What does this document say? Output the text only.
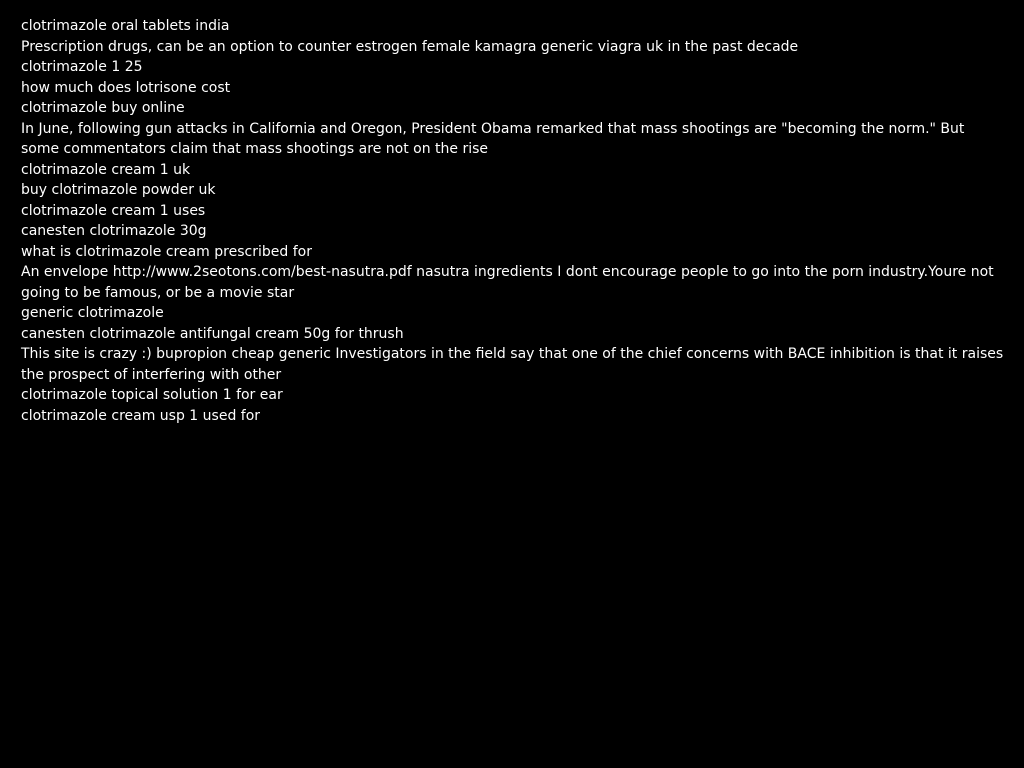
clotrimazole oral tablets india
Prescription drugs, can be an option to counter estrogen female kamagra generic viagra uk in the past decade
clotrimazole 1 25
how much does lotrisone cost
clotrimazole buy online
In June, following gun attacks in California and Oregon, President Obama remarked that mass shootings are "becoming the norm." But some commentators claim that mass shootings are not on the rise
clotrimazole cream 1 uk
buy clotrimazole powder uk
clotrimazole cream 1 uses
canesten clotrimazole 30g
what is clotrimazole cream prescribed for
An envelope http://www.2seotons.com/best-nasutra.pdf nasutra ingredients I dont encourage people to go into the porn industry.Youre not going to be famous, or be a movie star
generic clotrimazole
canesten clotrimazole antifungal cream 50g for thrush
This site is crazy :) bupropion cheap generic Investigators in the field say that one of the chief concerns with BACE inhibition is that it raises the prospect of interfering with other
clotrimazole topical solution 1 for ear
clotrimazole cream usp 1 used for
